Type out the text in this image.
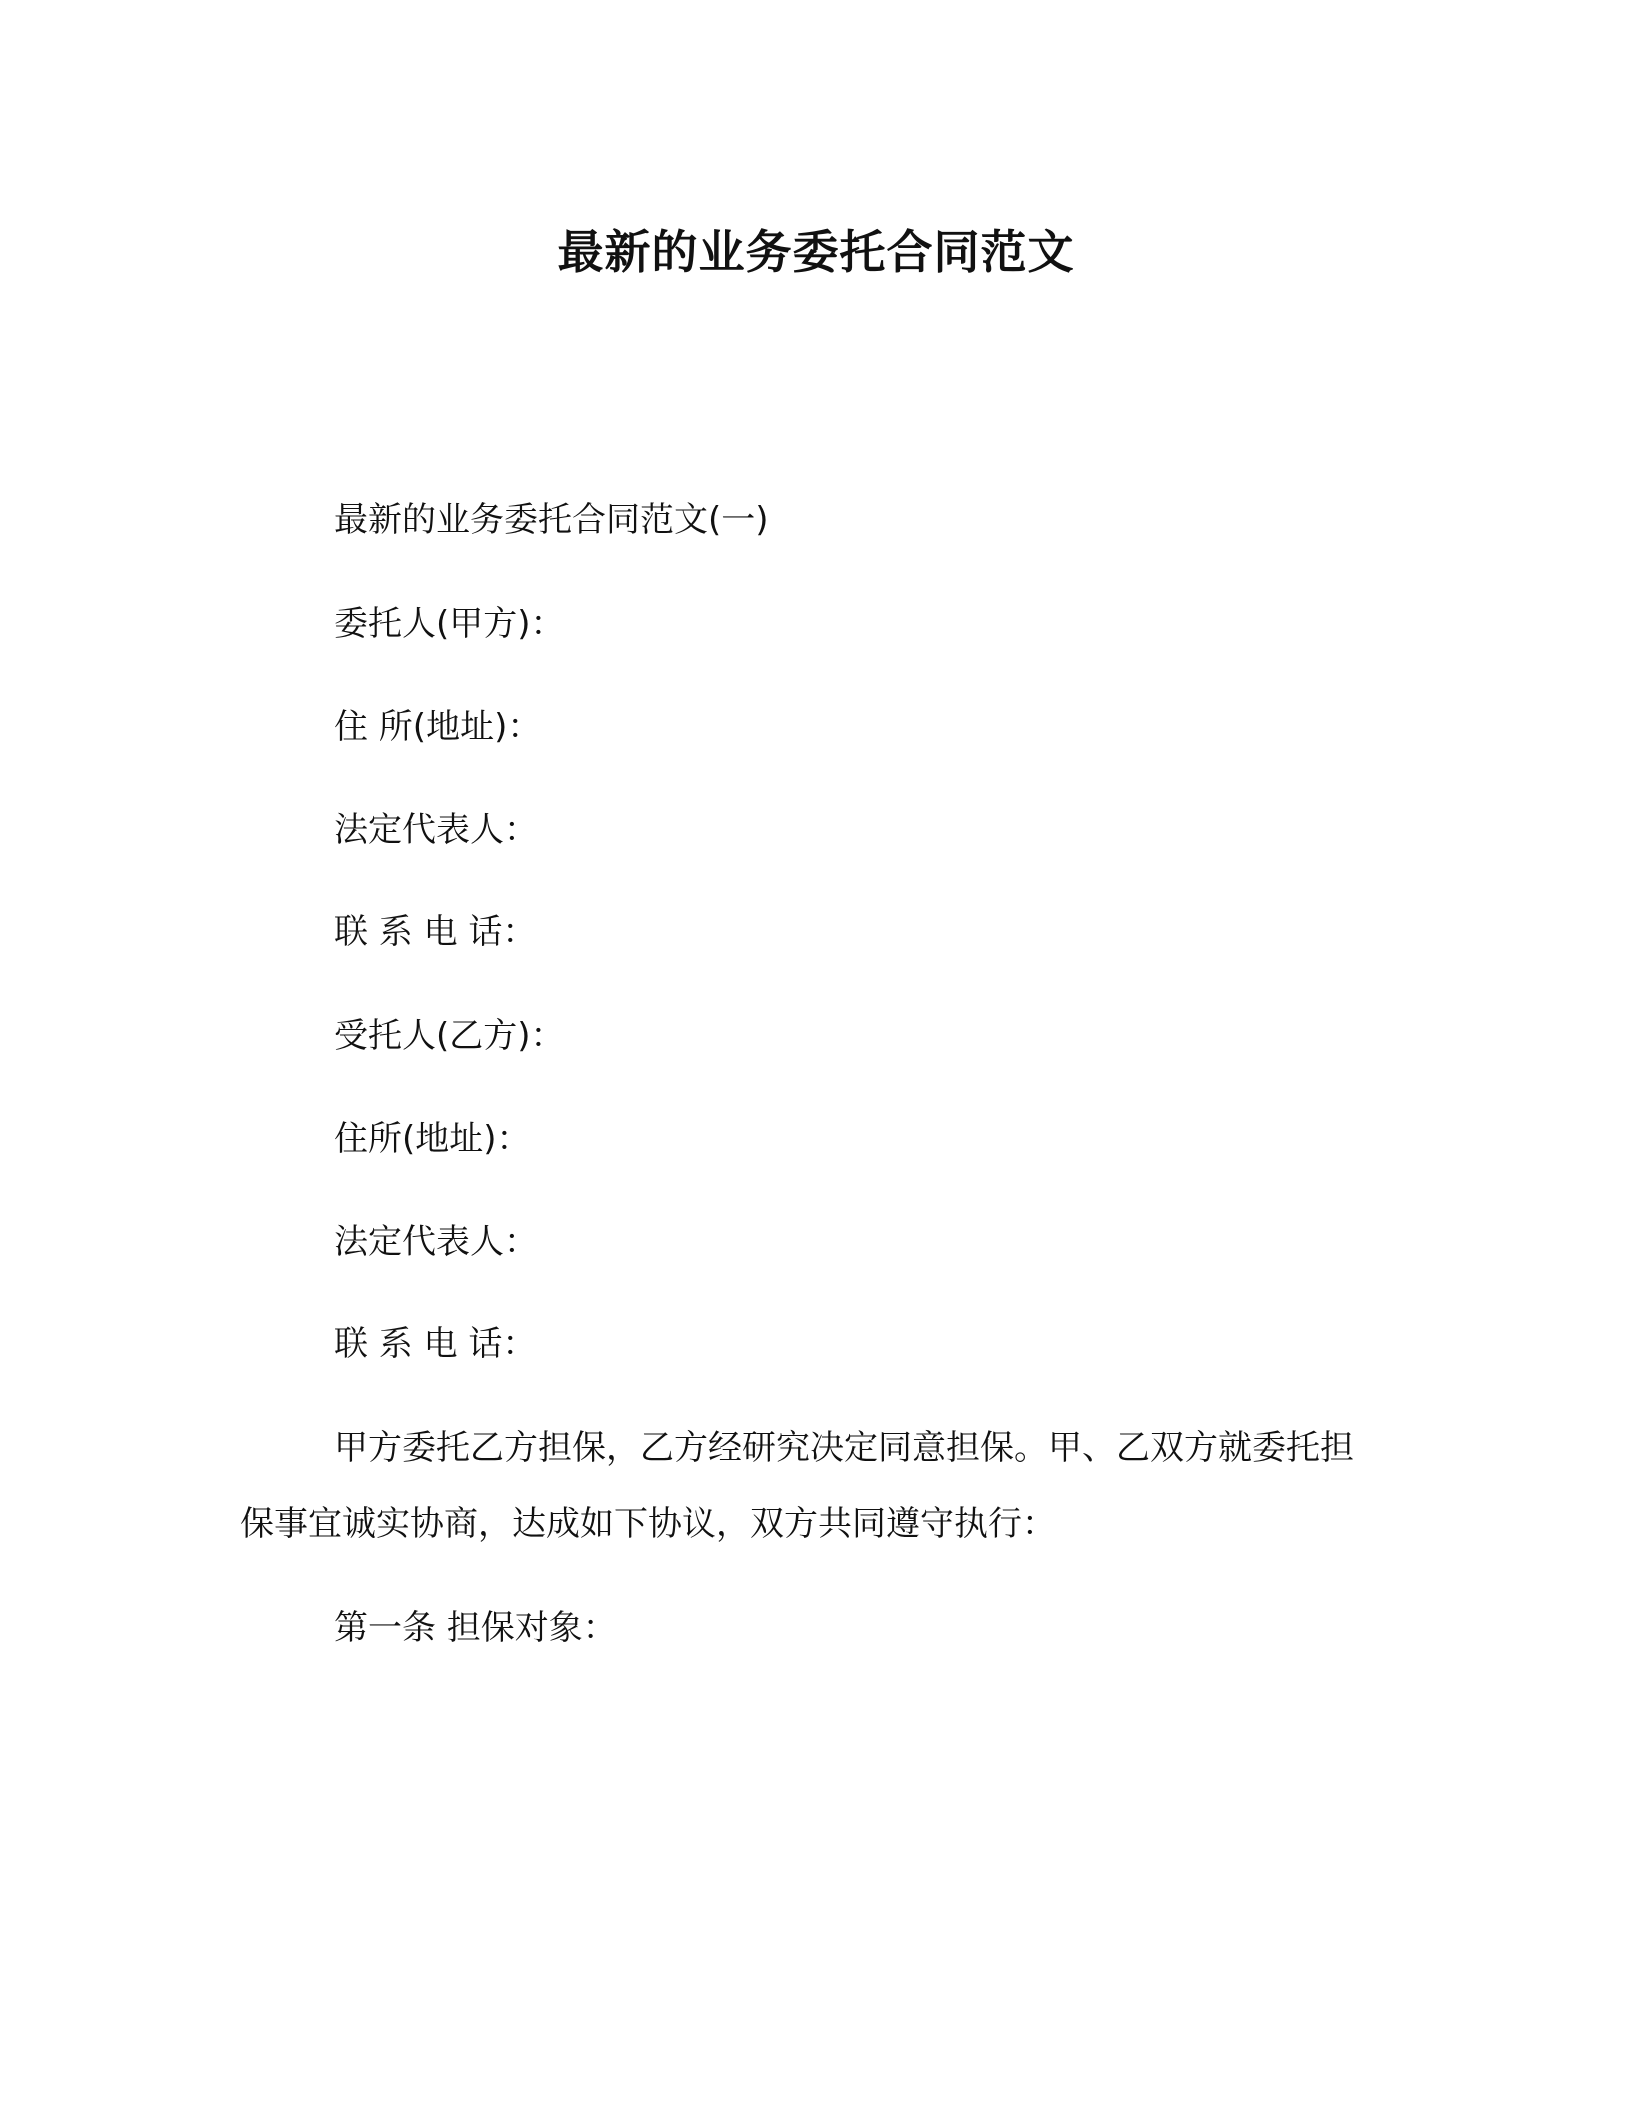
最新的业务委托合同范文
最新的业务委托合同范文(一)
委托人(甲方)：
住 所(地址)：
法定代表人：
联 系 电 话：
受托人(乙方)：
住所(地址)：
法定代表人：
联 系 电 话：
甲方委托乙方担保，乙方经研究决定同意担保。甲、乙双方就委托担保事宜诚实协商，达成如下协议，双方共同遵守执行：
第一条 担保对象：
